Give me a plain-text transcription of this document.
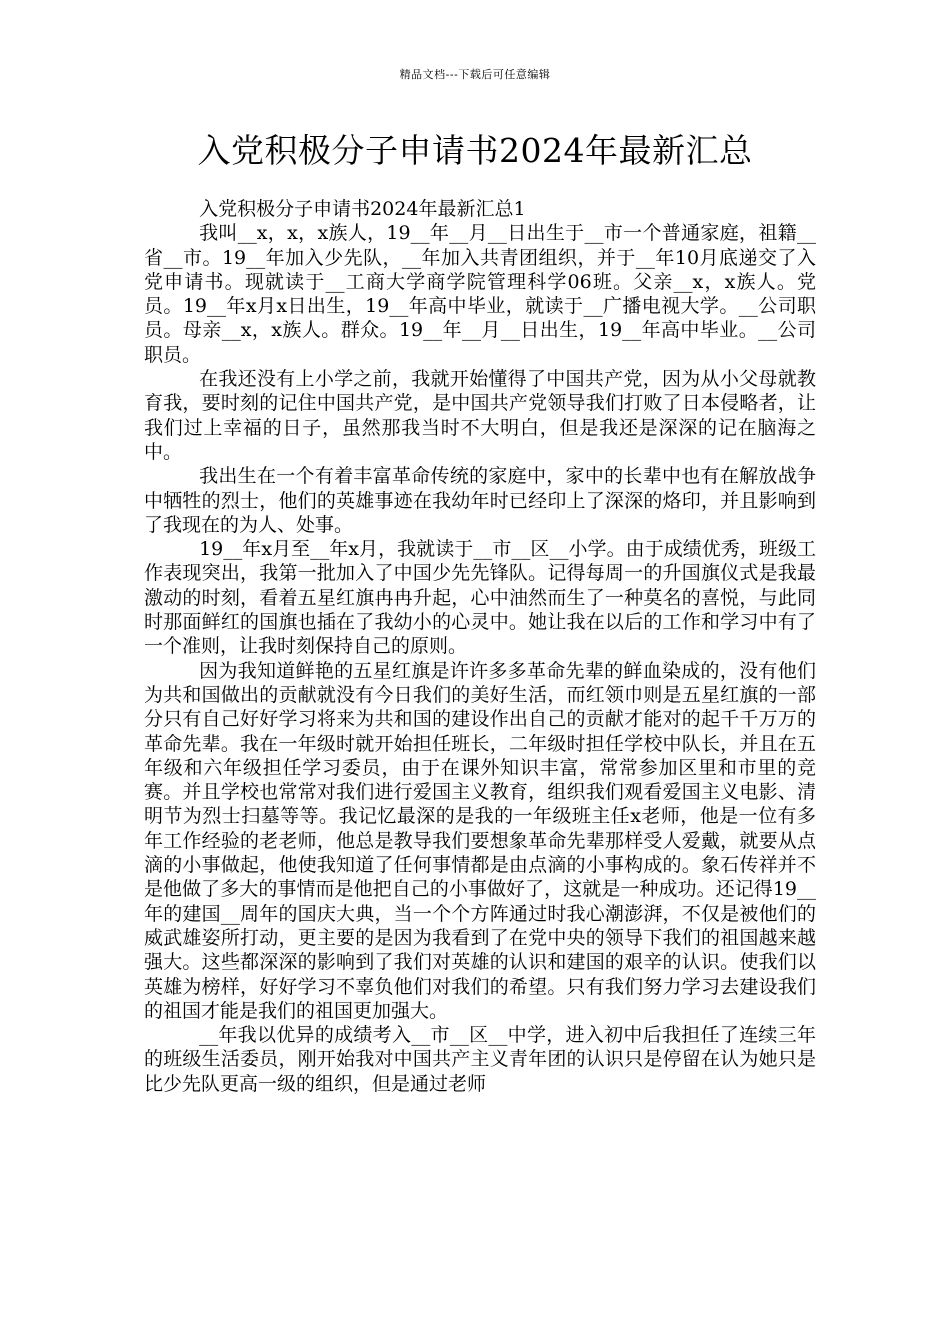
精品文档---下载后可任意编辑
入党积极分子申请书2024年最新汇总

入党积极分子申请书2024年最新汇总1

我叫__x，x，x族人，19__年__月__日出生于__市一个普通家庭，祖籍__省__市。19__年加入少先队，__年加入共青团组织，并于__年10月底递交了入党申请书。现就读于__工商大学商学院管理科学06班。父亲__x，x族人。党员。19__年x月x日出生，19__年高中毕业，就读于__广播电视大学。__公司职员。母亲__x，x族人。群众。19__年__月__日出生，19__年高中毕业。__公司职员。

在我还没有上小学之前，我就开始懂得了中国共产党，因为从小父母就教育我，要时刻的记住中国共产党，是中国共产党领导我们打败了日本侵略者，让我们过上幸福的日子，虽然那我当时不大明白，但是我还是深深的记在脑海之中。

我出生在一个有着丰富革命传统的家庭中，家中的长辈中也有在解放战争中牺牲的烈士，他们的英雄事迹在我幼年时已经印上了深深的烙印，并且影响到了我现在的为人、处事。

19__年x月至__年x月，我就读于__市__区__小学。由于成绩优秀，班级工作表现突出，我第一批加入了中国少先先锋队。记得每周一的升国旗仪式是我最激动的时刻，看着五星红旗冉冉升起，心中油然而生了一种莫名的喜悦，与此同时那面鲜红的国旗也插在了我幼小的心灵中。她让我在以后的工作和学习中有了一个准则，让我时刻保持自己的原则。

因为我知道鲜艳的五星红旗是许许多多革命先辈的鲜血染成的，没有他们为共和国做出的贡献就没有今日我们的美好生活，而红领巾则是五星红旗的一部分只有自己好好学习将来为共和国的建设作出自己的贡献才能对的起千千万万的革命先辈。我在一年级时就开始担任班长，二年级时担任学校中队长，并且在五年级和六年级担任学习委员，由于在课外知识丰富，常常参加区里和市里的竞赛。并且学校也常常对我们进行爱国主义教育，组织我们观看爱国主义电影、清明节为烈士扫墓等等。我记忆最深的是我的一年级班主任x老师，他是一位有多年工作经验的老老师，他总是教导我们要想象革命先辈那样受人爱戴，就要从点滴的小事做起，他使我知道了任何事情都是由点滴的小事构成的。象石传祥并不是他做了多大的事情而是他把自己的小事做好了，这就是一种成功。还记得19__年的建国__周年的国庆大典，当一个个方阵通过时我心潮澎湃，不仅是被他们的威武雄姿所打动，更主要的是因为我看到了在党中央的领导下我们的祖国越来越强大。这些都深深的影响到了我们对英雄的认识和建国的艰辛的认识。使我们以英雄为榜样，好好学习不辜负他们对我们的希望。只有我们努力学习去建设我们的祖国才能是我们的祖国更加强大。

__年我以优异的成绩考入__市__区__中学，进入初中后我担任了连续三年的班级生活委员，刚开始我对中国共产主义青年团的认识只是停留在认为她只是比少先队更高一级的组织，但是通过老师
